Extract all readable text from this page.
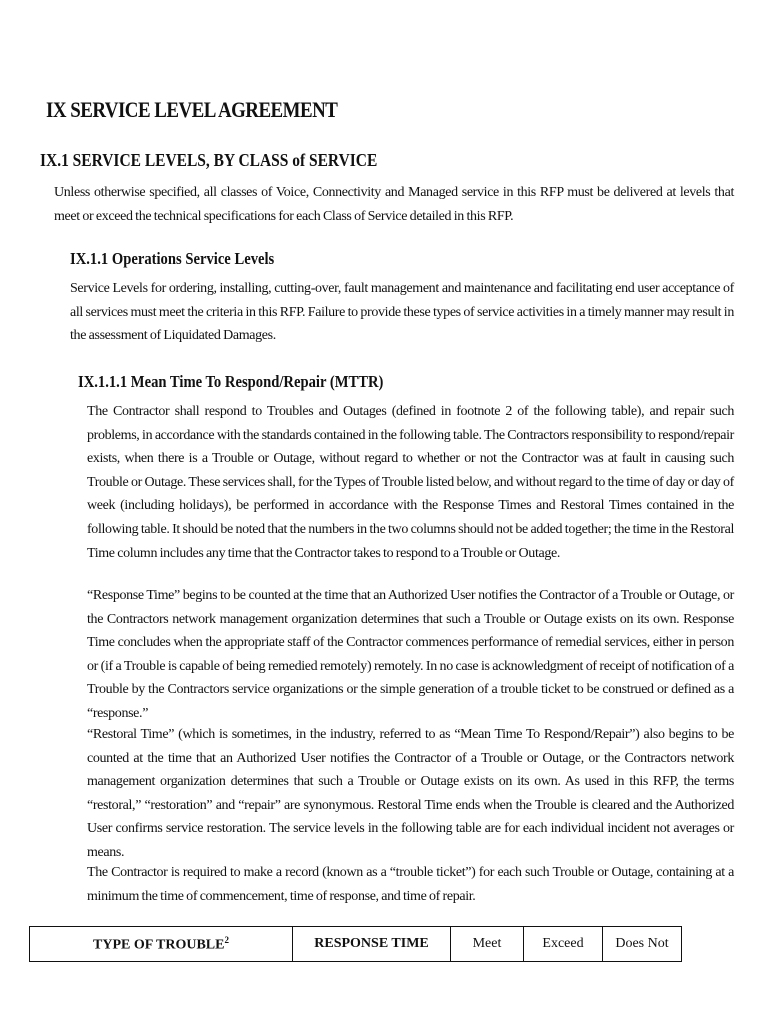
IX SERVICE LEVEL AGREEMENT
IX.1 SERVICE LEVELS, BY CLASS of SERVICE

Unless otherwise specified, all classes of Voice, Connectivity and Managed service in this RFP must be delivered at levels that meet or exceed the technical specifications for each Class of Service detailed in this RFP.

IX.1.1 Operations Service Levels

Service Levels for ordering, installing, cutting-over, fault management and maintenance and facilitating end user acceptance of all services must meet the criteria in this RFP. Failure to provide these types of service activities in a timely manner may result in the assessment of Liquidated Damages.

IX.1.1.1 Mean Time To Respond/Repair (MTTR)

The Contractor shall respond to Troubles and Outages (defined in footnote 2 of the following table), and repair such problems, in accordance with the standards contained in the following table. The Contractors responsibility to respond/repair exists, when there is a Trouble or Outage, without regard to whether or not the Contractor was at fault in causing such Trouble or Outage. These services shall, for the Types of Trouble listed below, and without regard to the time of day or day of week (including holidays), be performed in accordance with the Response Times and Restoral Times contained in the following table. It should be noted that the numbers in the two columns should not be added together; the time in the Restoral Time column includes any time that the Contractor takes to respond to a Trouble or Outage.

“Response Time” begins to be counted at the time that an Authorized User notifies the Contractor of a Trouble or Outage, or the Contractors network management organization determines that such a Trouble or Outage exists on its own. Response Time concludes when the appropriate staff of the Contractor commences performance of remedial services, either in person or (if a Trouble is capable of being remedied remotely) remotely. In no case is acknowledgment of receipt of notification of a Trouble by the Contractors service organizations or the simple generation of a trouble ticket to be construed or defined as a “response.”

“Restoral Time” (which is sometimes, in the industry, referred to as “Mean Time To Respond/Repair”) also begins to be counted at the time that an Authorized User notifies the Contractor of a Trouble or Outage, or the Contractors network management organization determines that such a Trouble or Outage exists on its own. As used in this RFP, the terms “restoral,” “restoration” and “repair” are synonymous. Restoral Time ends when the Trouble is cleared and the Authorized User confirms service restoration. The service levels in the following table are for each individual incident not averages or means.

The Contractor is required to make a record (known as a “trouble ticket”) for each such Trouble or Outage, containing at a minimum the time of commencement, time of response, and time of repair.

TYPE OF TROUBLE$^2$	RESPONSE TIME	Meet	Exceed	Does Not
